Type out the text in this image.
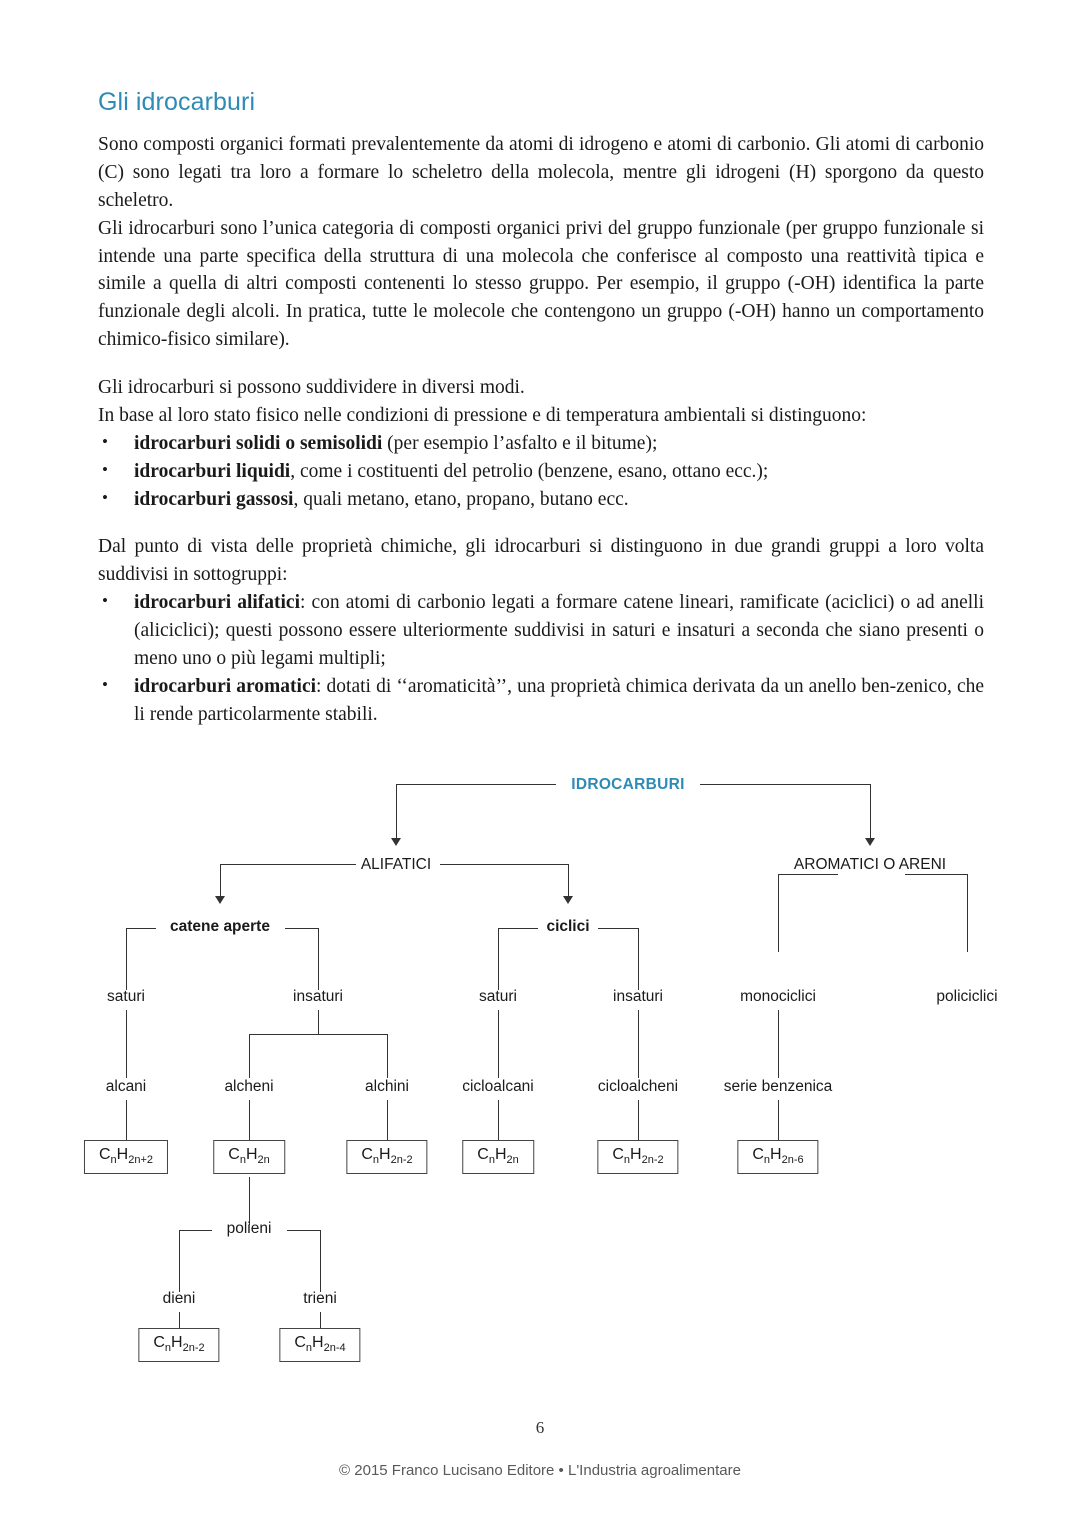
Gli idrocarburi

Sono composti organici formati prevalentemente da atomi di idrogeno e atomi di carbonio. Gli atomi di carbonio (C) sono legati tra loro a formare lo scheletro della molecola, mentre gli idrogeni (H) sporgono da questo scheletro.

Gli idrocarburi sono l’unica categoria di composti organici privi del gruppo funzionale (per gruppo funzionale si intende una parte specifica della struttura di una molecola che conferisce al composto una reattività tipica e simile a quella di altri composti contenenti lo stesso gruppo. Per esempio, il gruppo (-OH) identifica la parte funzionale degli alcoli. In pratica, tutte le molecole che contengono un gruppo (-OH) hanno un comportamento chimico-fisico similare).

Gli idrocarburi si possono suddividere in diversi modi.

In base al loro stato fisico nelle condizioni di pressione e di temperatura ambientali si distinguono:

• idrocarburi solidi o semisolidi (per esempio l’asfalto e il bitume);
• idrocarburi liquidi, come i costituenti del petrolio (benzene, esano, ottano ecc.);
• idrocarburi gassosi, quali metano, etano, propano, butano ecc.

Dal punto di vista delle proprietà chimiche, gli idrocarburi si distinguono in due grandi gruppi a loro volta suddivisi in sottogruppi:

• idrocarburi alifatici: con atomi di carbonio legati a formare catene lineari, ramificate (aciclici) o ad anelli (aliciclici); questi possono essere ulteriormente suddivisi in saturi e insaturi a seconda che siano presenti o meno uno o più legami multipli;
• idrocarburi aromatici: dotati di ‘‘aromaticità’’, una proprietà chimica derivata da un anello ben-zenico, che li rende particolarmente stabili.
IDROCARBURI
ALIFATICI	AROMATICI O ARENI
catene aperte	ciclici
saturi	insaturi	saturi	insaturi	monociclici	policiclici
alcani	alcheni	alchini	cicloalcani	cicloalcheni	serie benzenica
$C_nH_{2n+2}$	$C_nH_{2n}$	$C_nH_{2n-2}$	$C_nH_{2n}$	$C_nH_{2n-2}$	$C_nH_{2n-6}$
polieni
dieni	trieni
$C_nH_{2n-2}$	$C_nH_{2n-4}$
6
© 2015 Franco Lucisano Editore • L'Industria agroalimentare
